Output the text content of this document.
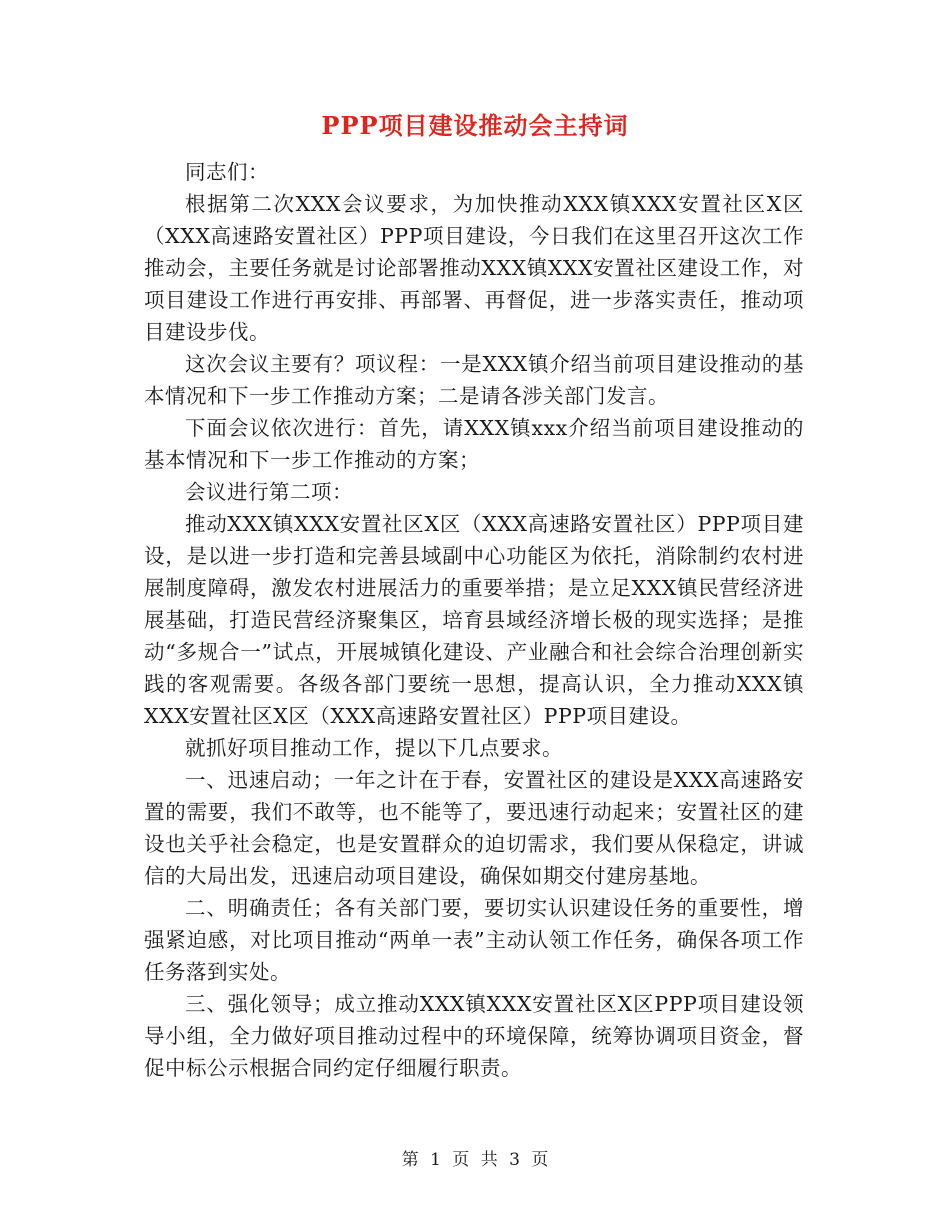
PPP项目建设推动会主持词

同志们：

根据第二次XXX会议要求，为加快推动XXX镇XXX安置社区X区（XXX高速路安置社区）PPP项目建设，今日我们在这里召开这次工作推动会，主要任务就是讨论部署推动XXX镇XXX安置社区建设工作，对项目建设工作进行再安排、再部署、再督促，进一步落实责任，推动项目建设步伐。

这次会议主要有？项议程：一是XXX镇介绍当前项目建设推动的基本情况和下一步工作推动方案；二是请各涉关部门发言。

下面会议依次进行：首先，请XXX镇xxx介绍当前项目建设推动的基本情况和下一步工作推动的方案；

会议进行第二项：

推动XXX镇XXX安置社区X区（XXX高速路安置社区）PPP项目建设，是以进一步打造和完善县域副中心功能区为依托，消除制约农村进展制度障碍，激发农村进展活力的重要举措；是立足XXX镇民营经济进展基础，打造民营经济聚集区，培育县域经济增长极的现实选择；是推动“多规合一”试点，开展城镇化建设、产业融合和社会综合治理创新实践的客观需要。各级各部门要统一思想，提高认识，全力推动XXX镇XXX安置社区X区（XXX高速路安置社区）PPP项目建设。

就抓好项目推动工作，提以下几点要求。

一、迅速启动；一年之计在于春，安置社区的建设是XXX高速路安置的需要，我们不敢等，也不能等了，要迅速行动起来；安置社区的建设也关乎社会稳定，也是安置群众的迫切需求，我们要从保稳定，讲诚信的大局出发，迅速启动项目建设，确保如期交付建房基地。

二、明确责任；各有关部门要，要切实认识建设任务的重要性，增强紧迫感，对比项目推动“两单一表”主动认领工作任务，确保各项工作任务落到实处。

三、强化领导；成立推动XXX镇XXX安置社区X区PPP项目建设领导小组，全力做好项目推动过程中的环境保障，统筹协调项目资金，督促中标公示根据合同约定仔细履行职责。

第 1 页 共 3 页
